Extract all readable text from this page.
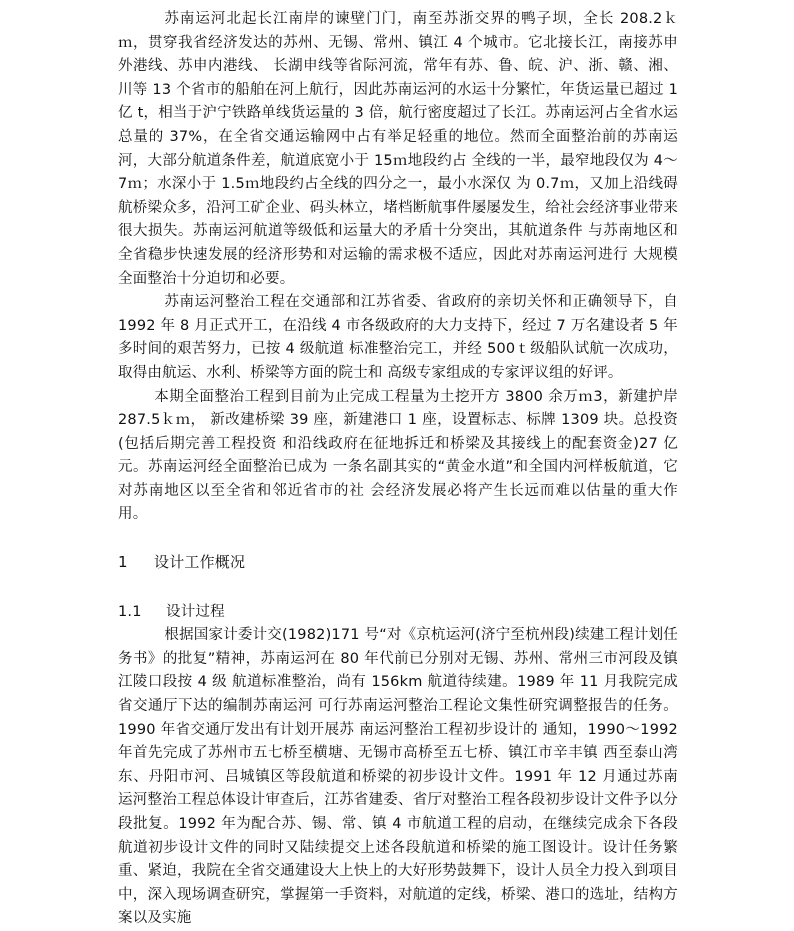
苏南运河北起长江南岸的谏壁门门，南至苏浙交界的鸭子坝，全长 208.2ｋｍ，贯穿我省经济发达的苏州、无锡、常州、镇江 4 个城市。它北接长江，南接苏申外港线、苏申内港线、 长湖申线等省际河流，常年有苏、鲁、皖、沪、浙、赣、湘、川等 13 个省市的船舶在河上航行，因此苏南运河的水运十分繁忙，年货运量已超过 1 亿 t，相当于沪宁铁路单线货运量的 3 倍，航行密度超过了长江。苏南运河占全省水运总量的 37%，在全省交通运输网中占有举足轻重的地位。然而全面整治前的苏南运河，大部分航道条件差，航道底宽小于 15ｍ地段约占 全线的一半，最窄地段仅为 4～7ｍ；水深小于 1.5ｍ地段约占全线的四分之一，最小水深仅 为 0.7ｍ，又加上沿线碍航桥梁众多，沿河工矿企业、码头林立，堵档断航事件屡屡发生，给社会经济事业带来很大损失。苏南运河航道等级低和运量大的矛盾十分突出，其航道条件 与苏南地区和全省稳步快速发展的经济形势和对运输的需求极不适应，因此对苏南运河进行 大规模全面整治十分迫切和必要。

苏南运河整治工程在交通部和江苏省委、省政府的亲切关怀和正确领导下，自 1992 年 8 月正式开工，在沿线 4 市各级政府的大力支持下，经过 7 万名建设者 5 年多时间的艰苦努力，已按 4 级航道 标准整治完工，并经 500ｔ级船队试航一次成功，取得由航运、水利、桥梁等方面的院士和 高级专家组成的专家评议组的好评。

本期全面整治工程到目前为止完成工程量为土挖开方 3800 余万ｍ3，新建护岸 287.5ｋｍ， 新改建桥梁 39 座，新建港口 1 座，设置标志、标牌 1309 块。总投资(包括后期完善工程投资 和沿线政府在征地拆迁和桥梁及其接线上的配套资金)27 亿元。苏南运河经全面整治已成为 一条名副其实的“黄金水道”和全国内河样板航道，它对苏南地区以至全省和邻近省市的社 会经济发展必将产生长远而难以估量的重大作用。

1 设计工作概况
1.1 设计过程

根据国家计委计交(1982)171 号“对《京杭运河(济宁至杭州段)续建工程计划任务书》的批复”精神，苏南运河在 80 年代前已分别对无锡、苏州、常州三市河段及镇江陵口段按 4 级 航道标准整治，尚有 156km 航道待续建。1989 年 11 月我院完成省交通厅下达的编制苏南运河 可行苏南运河整治工程论文集性研究调整报告的任务。1990 年省交通厅发出有计划开展苏 南运河整治工程初步设计的 通知，1990～1992 年首先完成了苏州市五七桥至横塘、无锡市高桥至五七桥、镇江市辛丰镇 西至泰山湾东、丹阳市河、吕城镇区等段航道和桥梁的初步设计文件。1991 年 12 月通过苏南 运河整治工程总体设计审查后，江苏省建委、省厅对整治工程各段初步设计文件予以分段批复。1992 年为配合苏、锡、常、镇 4 市航道工程的启动，在继续完成余下各段航道初步设计文件的同时又陆续提交上述各段航道和桥梁的施工图设计。设计任务繁重、紧迫，我院在全省交通建设大上快上的大好形势鼓舞下，设计人员全力投入到项目中，深入现场调查研究，掌握第一手资料，对航道的定线，桥梁、港口的选址，结构方案以及实施
